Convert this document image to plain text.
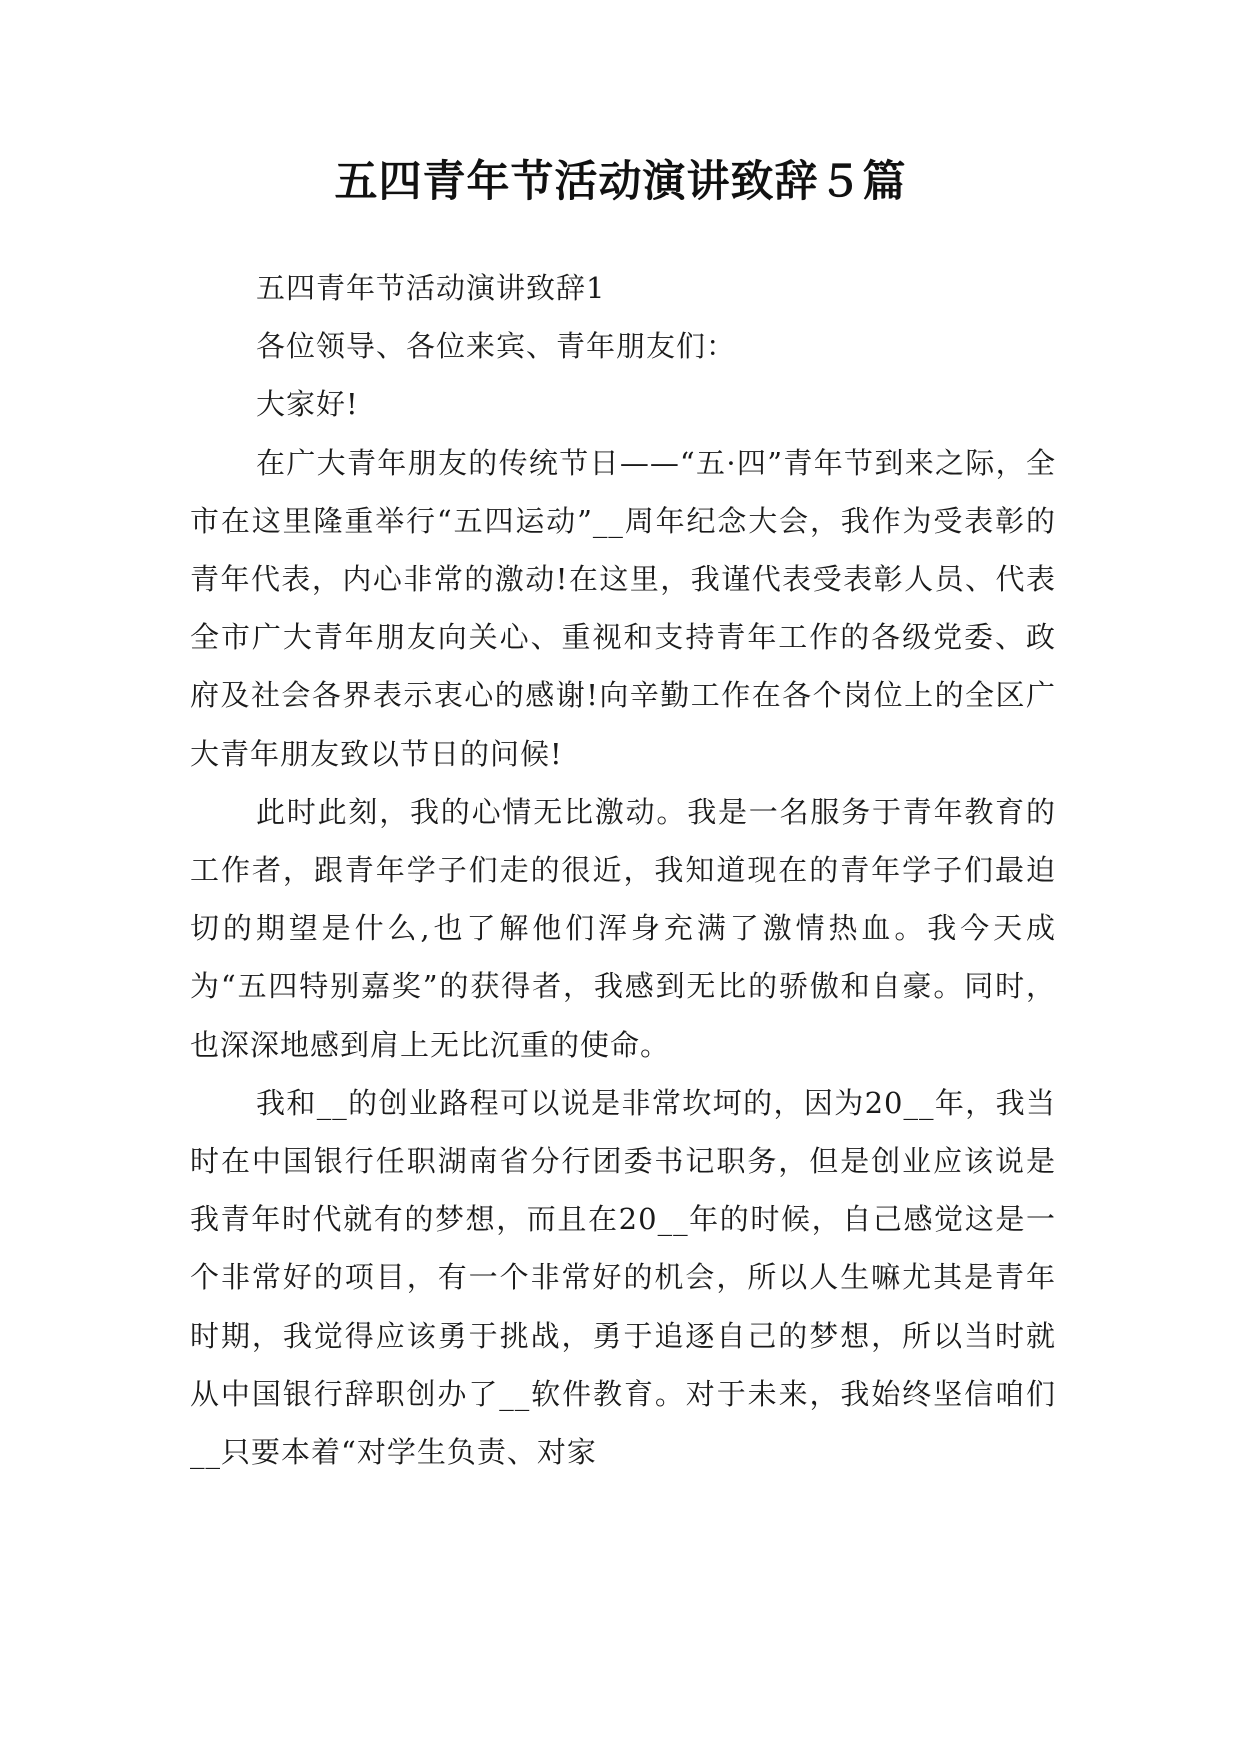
五四青年节活动演讲致辞５篇

五四青年节活动演讲致辞1

各位领导、各位来宾、青年朋友们：

大家好!

在广大青年朋友的传统节日——“五·四”青年节到来之际，全市在这里隆重举行“五四运动”__周年纪念大会，我作为受表彰的青年代表，内心非常的激动!在这里，我谨代表受表彰人员、代表全市广大青年朋友向关心、重视和支持青年工作的各级党委、政府及社会各界表示衷心的感谢!向辛勤工作在各个岗位上的全区广大青年朋友致以节日的问候!

此时此刻，我的心情无比激动。我是一名服务于青年教育的工作者，跟青年学子们走的很近，我知道现在的青年学子们最迫切的期望是什么,也了解他们浑身充满了激情热血。我今天成为“五四特别嘉奖”的获得者，我感到无比的骄傲和自豪。同时，也深深地感到肩上无比沉重的使命。

我和__的创业路程可以说是非常坎坷的，因为20__年，我当时在中国银行任职湖南省分行团委书记职务，但是创业应该说是我青年时代就有的梦想，而且在20__年的时候，自己感觉这是一个非常好的项目，有一个非常好的机会，所以人生嘛尤其是青年时期，我觉得应该勇于挑战，勇于追逐自己的梦想，所以当时就从中国银行辞职创办了__软件教育。对于未来，我始终坚信咱们__只要本着“对学生负责、对家
